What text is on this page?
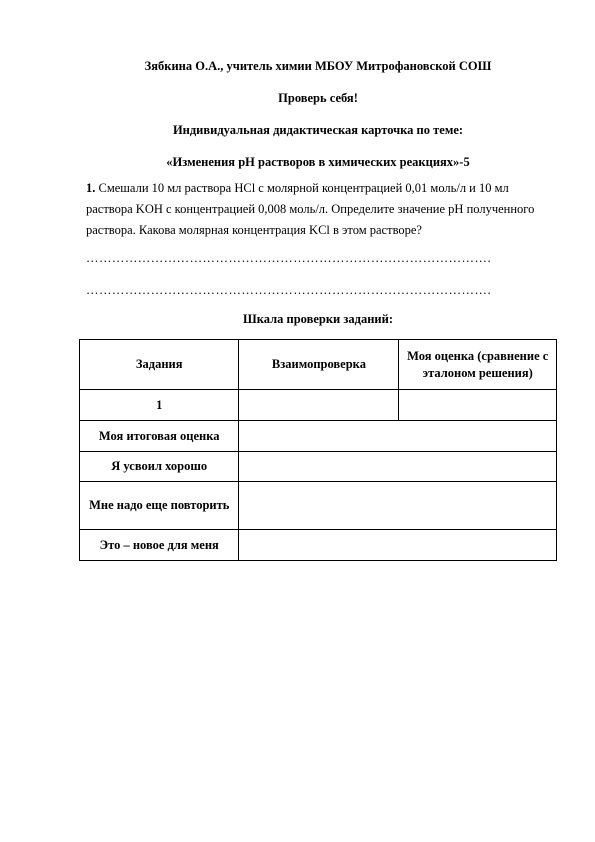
Зябкина О.А., учитель химии МБОУ Митрофановской СОШ
Проверь себя!
Индивидуальная дидактическая карточка по теме:
«Изменения рН растворов в химических реакциях»-5
1. Смешали 10 мл раствора HCl с молярной концентрацией 0,01 моль/л и 10 мл раствора KOH с концентрацией 0,008 моль/л. Определите значение рН полученного раствора. Какова молярная концентрация KCl в этом растворе?
………………………………………………………………………………….
………………………………………………………………………………….
Шкала проверки заданий:
Задания	Взаимопроверка	Моя оценка (сравнение с эталоном решения)
1		
Моя итоговая оценка		
Я усвоил хорошо		
Мне надо еще повторить		
Это – новое для меня		
